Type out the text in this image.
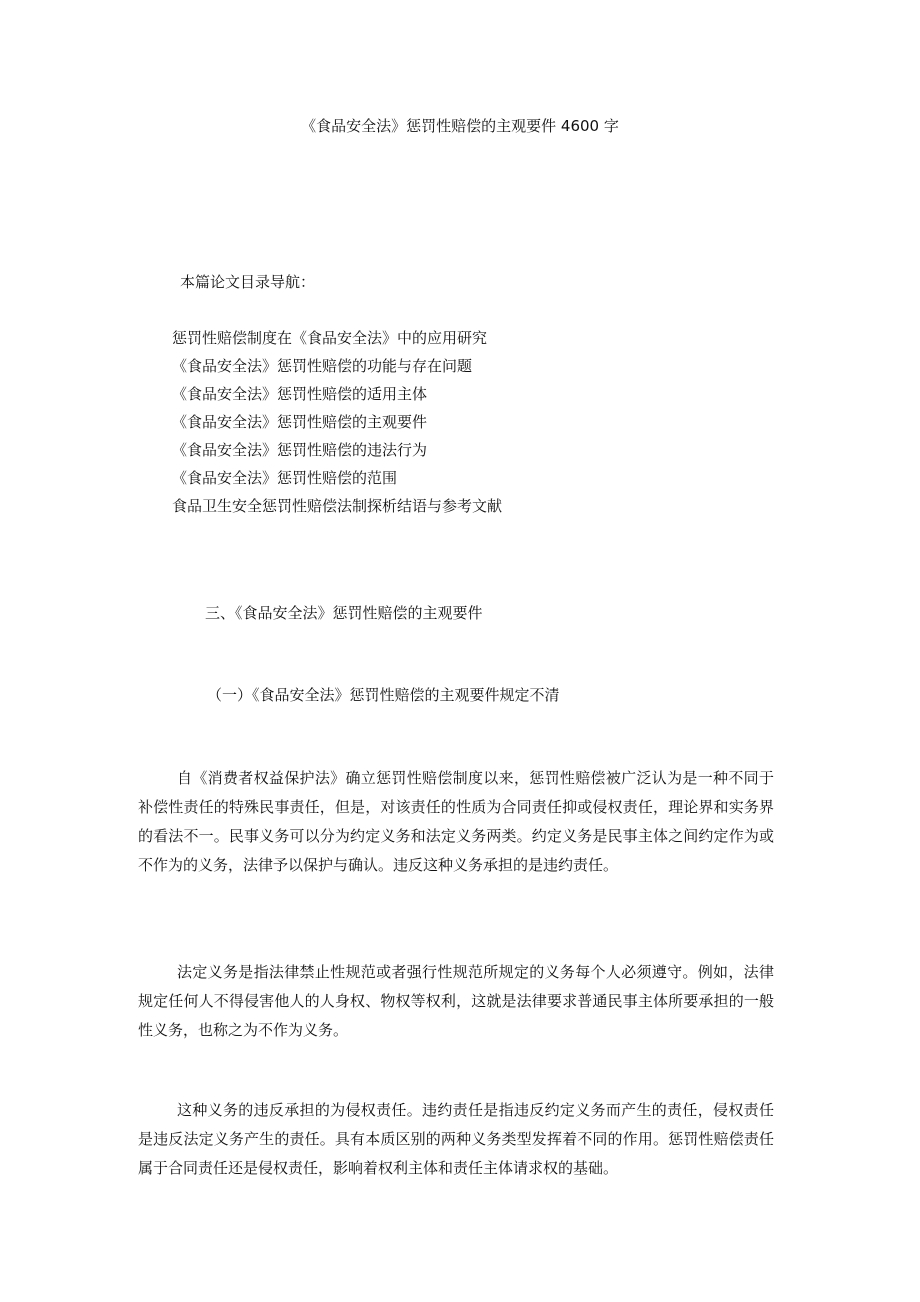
《食品安全法》惩罚性赔偿的主观要件 4600 字
本篇论文目录导航：
惩罚性赔偿制度在《食品安全法》中的应用研究
《食品安全法》惩罚性赔偿的功能与存在问题
《食品安全法》惩罚性赔偿的适用主体
《食品安全法》惩罚性赔偿的主观要件
《食品安全法》惩罚性赔偿的违法行为
《食品安全法》惩罚性赔偿的范围
食品卫生安全惩罚性赔偿法制探析结语与参考文献
三、《食品安全法》惩罚性赔偿的主观要件
（一）《食品安全法》惩罚性赔偿的主观要件规定不清

自《消费者权益保护法》确立惩罚性赔偿制度以来，惩罚性赔偿被广泛认为是一种不同于补偿性责任的特殊民事责任，但是，对该责任的性质为合同责任抑或侵权责任，理论界和实务界的看法不一。民事义务可以分为约定义务和法定义务两类。约定义务是民事主体之间约定作为或不作为的义务，法律予以保护与确认。违反这种义务承担的是违约责任。

法定义务是指法律禁止性规范或者强行性规范所规定的义务每个人必须遵守。例如，法律规定任何人不得侵害他人的人身权、物权等权利，这就是法律要求普通民事主体所要承担的一般性义务，也称之为不作为义务。

这种义务的违反承担的为侵权责任。违约责任是指违反约定义务而产生的责任，侵权责任是违反法定义务产生的责任。具有本质区别的两种义务类型发挥着不同的作用。惩罚性赔偿责任属于合同责任还是侵权责任，影响着权利主体和责任主体请求权的基础。
